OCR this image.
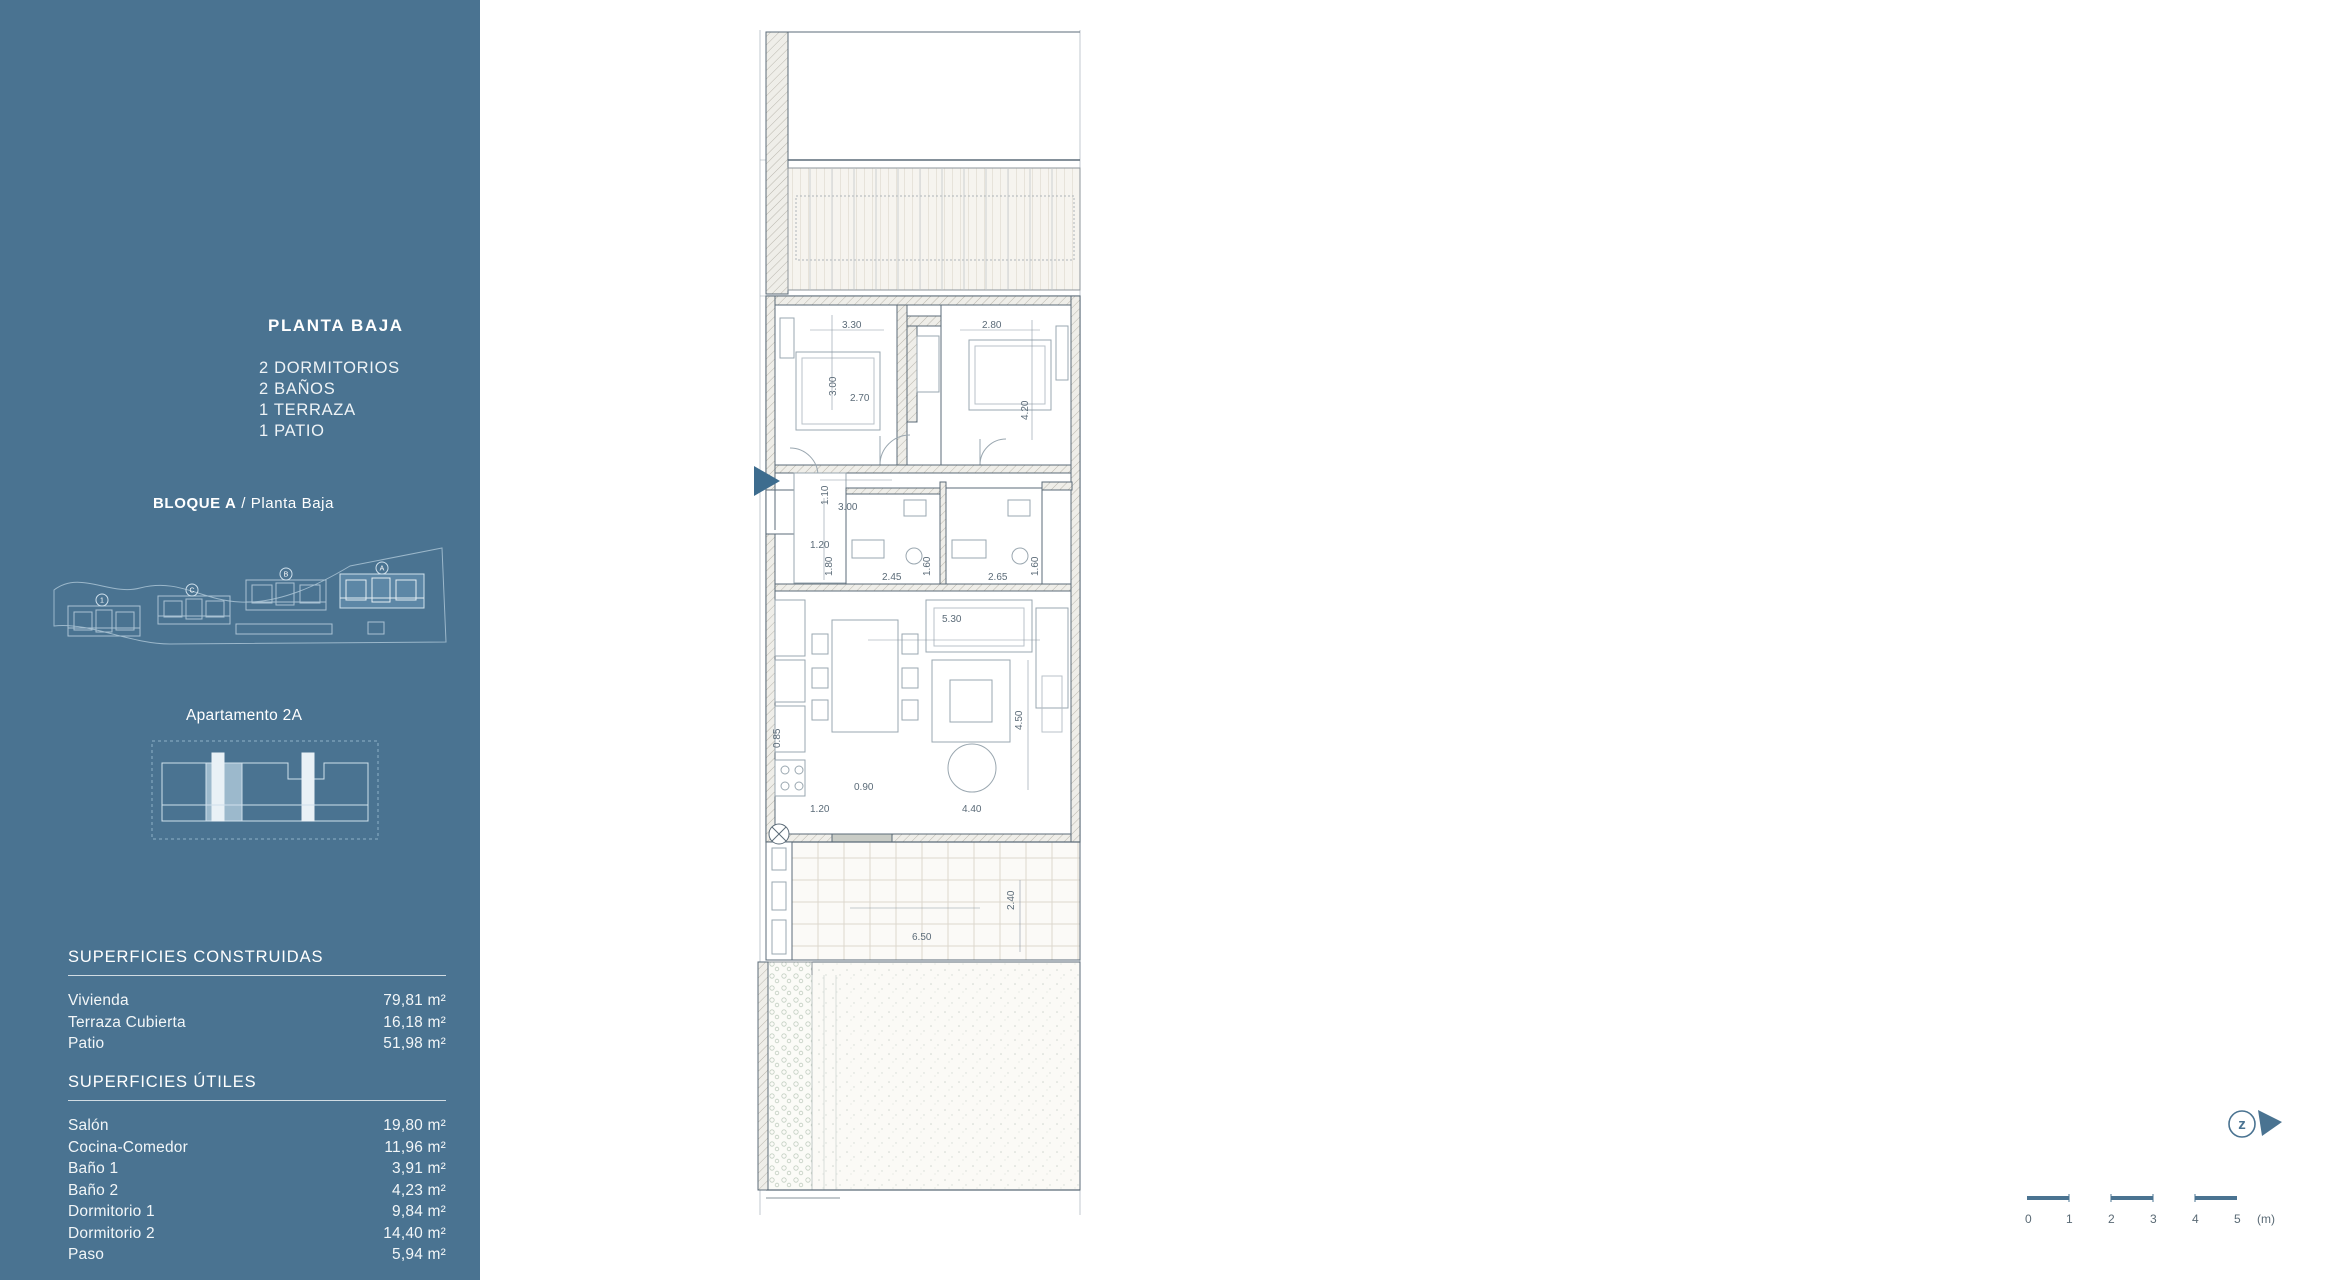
PLANTA BAJA
2 DORMITORIOS
2 BAÑOS
1 TERRAZA
1 PATIO
BLOQUE A / Planta Baja
1
C
B
A
Apartamento 2A
SUPERFICIES CONSTRUIDAS
Vivienda	79,81 m²
Terraza Cubierta	16,18 m²
Patio	51,98 m²
SUPERFICIES ÚTILES
Salón	19,80 m²
Cocina-Comedor	11,96 m²
Baño 1	3,91 m²
Baño 2	4,23 m²
Dormitorio 1	9,84 m²
Dormitorio 2	14,40 m²
Paso	5,94 m²
3.30
3.00
2.70
2.80
4.20
1.10
3.00
1.20
1.80
2.45
1.60
2.65
1.60
5.30
4.50
0.90
1.20
0.85
4.40
6.50
2.40
z
0	1	2	3	4	5 (m)
